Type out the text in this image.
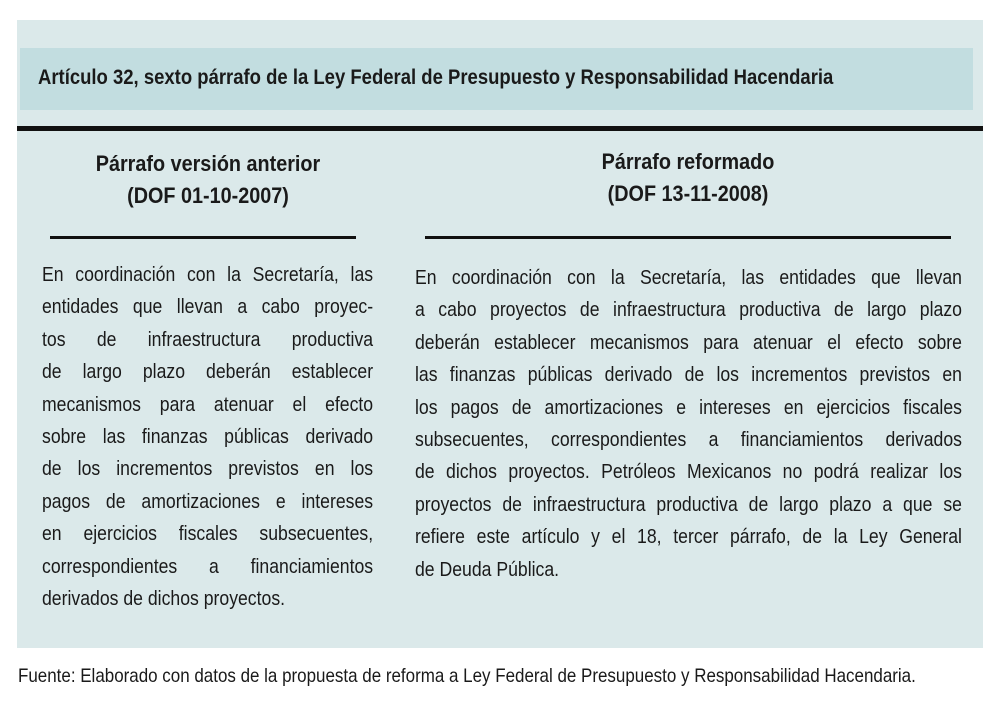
Artículo 32, sexto párrafo de la Ley Federal de Presupuesto y Responsabilidad Hacendaria
Párrafo versión anterior
(DOF 01-10-2007)
Párrafo reformado
(DOF 13-11-2008)
En coordinación con la Secretaría, las
entidades que llevan a cabo proyec-
tos de infraestructura productiva
de largo plazo deberán establecer
mecanismos para atenuar el efecto
sobre las finanzas públicas derivado
de los incrementos previstos en los
pagos de amortizaciones e intereses
en ejercicios fiscales subsecuentes,
correspondientes a financiamientos
derivados de dichos proyectos.
En coordinación con la Secretaría, las entidades que llevan
a cabo proyectos de infraestructura productiva de largo plazo
deberán establecer mecanismos para atenuar el efecto sobre
las finanzas públicas derivado de los incrementos previstos en
los pagos de amortizaciones e intereses en ejercicios fiscales
subsecuentes, correspondientes a financiamientos derivados
de dichos proyectos. Petróleos Mexicanos no podrá realizar los
proyectos de infraestructura productiva de largo plazo a que se
refiere este artículo y el 18, tercer párrafo, de la Ley General
de Deuda Pública.
Fuente: Elaborado con datos de la propuesta de reforma a Ley Federal de Presupuesto y Responsabilidad Hacendaria.
